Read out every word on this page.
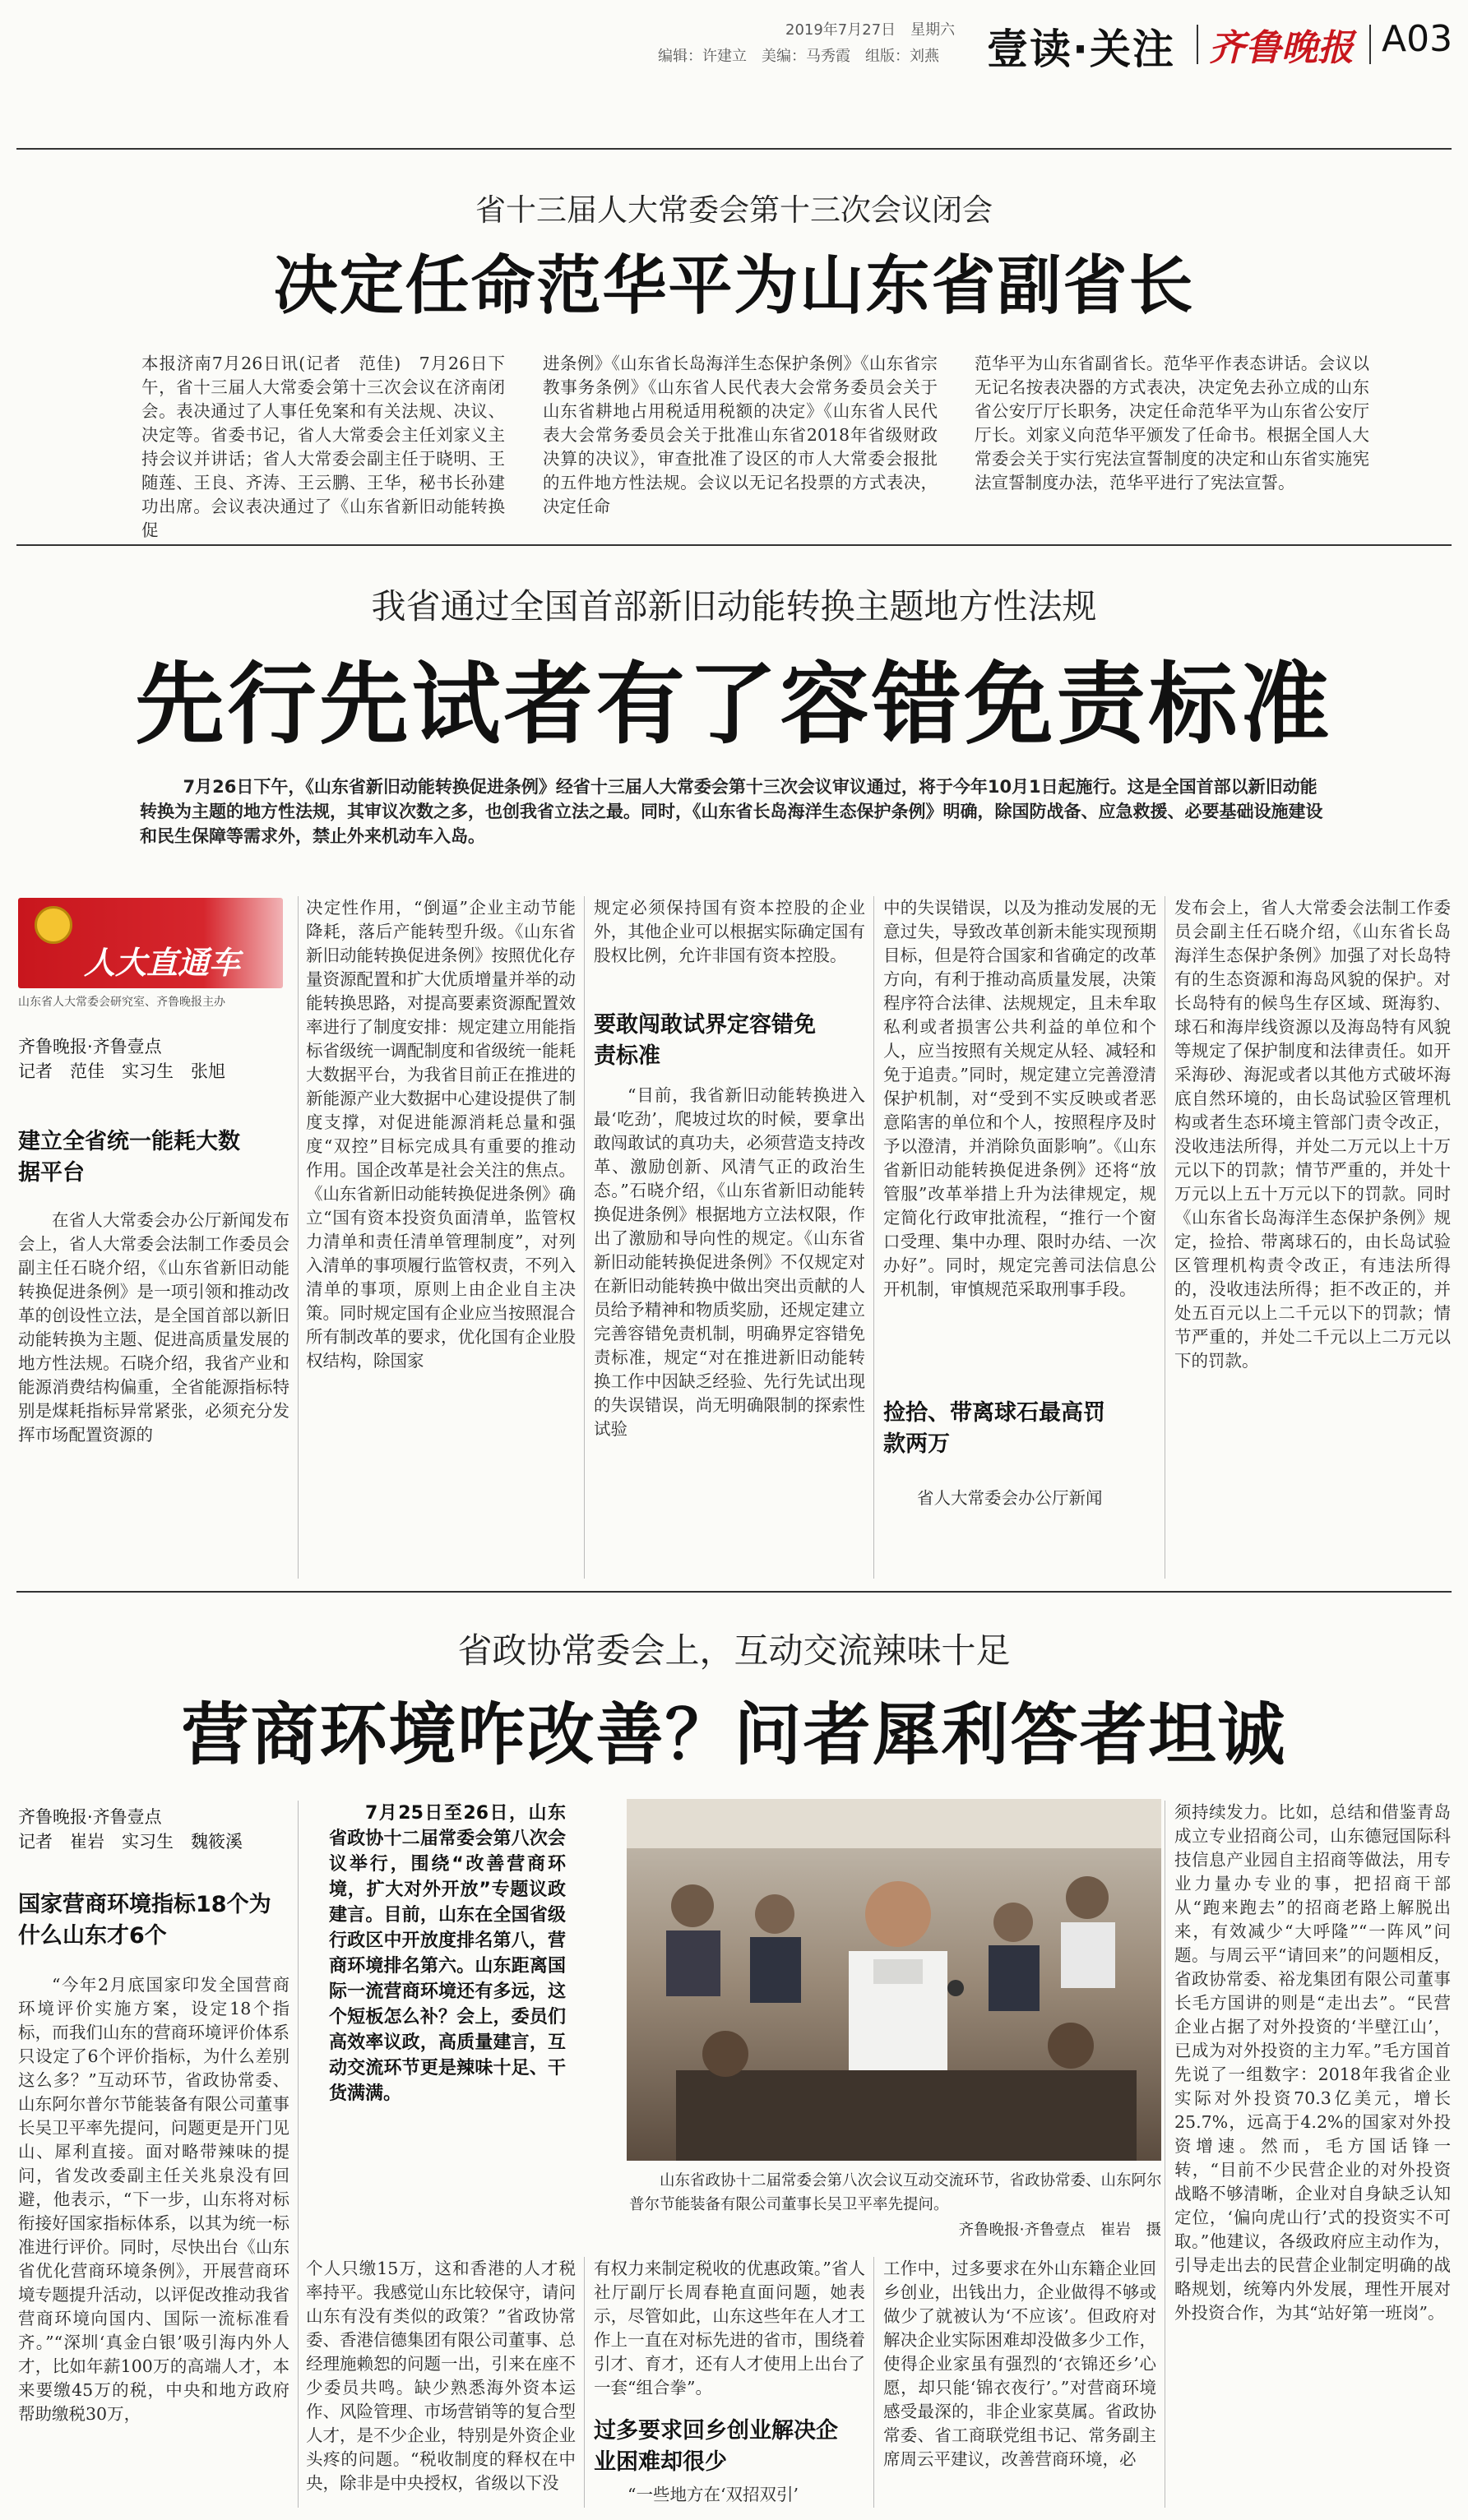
2019年7月27日　星期六
编辑：许建立　美编：马秀霞　组版：刘燕 壹读·关注 齐鲁晚报 A03
省十三届人大常委会第十三次会议闭会
决定任命范华平为山东省副省长
本报济南7月26日讯(记者　范佳)　7月26日下午，省十三届人大常委会第十三次会议在济南闭会。表决通过了人事任免案和有关法规、决议、决定等。省委书记，省人大常委会主任刘家义主持会议并讲话；省人大常委会副主任于晓明、王随莲、王良、齐涛、王云鹏、王华，秘书长孙建功出席。会议表决通过了《山东省新旧动能转换促
进条例》《山东省长岛海洋生态保护条例》《山东省宗教事务条例》《山东省人民代表大会常务委员会关于山东省耕地占用税适用税额的决定》《山东省人民代表大会常务委员会关于批准山东省2018年省级财政决算的决议》，审查批准了设区的市人大常委会报批的五件地方性法规。会议以无记名投票的方式表决，决定任命
范华平为山东省副省长。范华平作表态讲话。会议以无记名按表决器的方式表决，决定免去孙立成的山东省公安厅厅长职务，决定任命范华平为山东省公安厅厅长。刘家义向范华平颁发了任命书。根据全国人大常委会关于实行宪法宣誓制度的决定和山东省实施宪法宣誓制度办法，范华平进行了宪法宣誓。
我省通过全国首部新旧动能转换主题地方性法规
先行先试者有了容错免责标准
7月26日下午，《山东省新旧动能转换促进条例》经省十三届人大常委会第十三次会议审议通过，将于今年10月1日起施行。这是全国首部以新旧动能转换为主题的地方性法规，其审议次数之多，也创我省立法之最。同时，《山东省长岛海洋生态保护条例》明确，除国防战备、应急救援、必要基础设施建设和民生保障等需求外，禁止外来机动车入岛。
人大直通车
山东省人大常委会研究室、齐鲁晚报主办
齐鲁晚报·齐鲁壹点
记者　范佳　实习生　张旭
建立全省统一能耗大数据平台
在省人大常委会办公厅新闻发布会上，省人大常委会法制工作委员会副主任石晓介绍，《山东省新旧动能转换促进条例》是一项引领和推动改革的创设性立法，是全国首部以新旧动能转换为主题、促进高质量发展的地方性法规。石晓介绍，我省产业和能源消费结构偏重，全省能源指标特别是煤耗指标异常紧张，必须充分发挥市场配置资源的
决定性作用，“倒逼”企业主动节能降耗，落后产能转型升级。《山东省新旧动能转换促进条例》按照优化存量资源配置和扩大优质增量并举的动能转换思路，对提高要素资源配置效率进行了制度安排：规定建立用能指标省级统一调配制度和省级统一能耗大数据平台，为我省目前正在推进的新能源产业大数据中心建设提供了制度支撑，对促进能源消耗总量和强度“双控”目标完成具有重要的推动作用。国企改革是社会关注的焦点。《山东省新旧动能转换促进条例》确立“国有资本投资负面清单，监管权力清单和责任清单管理制度”，对列入清单的事项履行监管权责，不列入清单的事项，原则上由企业自主决策。同时规定国有企业应当按照混合所有制改革的要求，优化国有企业股权结构，除国家
规定必须保持国有资本控股的企业外，其他企业可以根据实际确定国有股权比例，允许非国有资本控股。
要敢闯敢试界定容错免责标准
“目前，我省新旧动能转换进入最‘吃劲’，爬坡过坎的时候，要拿出敢闯敢试的真功夫，必须营造支持改革、激励创新、风清气正的政治生态。”石晓介绍，《山东省新旧动能转换促进条例》根据地方立法权限，作出了激励和导向性的规定。《山东省新旧动能转换促进条例》不仅规定对在新旧动能转换中做出突出贡献的人员给予精神和物质奖励，还规定建立完善容错免责机制，明确界定容错免责标准，规定“对在推进新旧动能转换工作中因缺乏经验、先行先试出现的失误错误，尚无明确限制的探索性试验
中的失误错误，以及为推动发展的无意过失，导致改革创新未能实现预期目标，但是符合国家和省确定的改革方向，有利于推动高质量发展，决策程序符合法律、法规规定，且未牟取私利或者损害公共利益的单位和个人，应当按照有关规定从轻、减轻和免于追责。”同时，规定建立完善澄清保护机制，对“受到不实反映或者恶意陷害的单位和个人，按照程序及时予以澄清，并消除负面影响”。《山东省新旧动能转换促进条例》还将“放管服”改革举措上升为法律规定，规定简化行政审批流程，“推行一个窗口受理、集中办理、限时办结、一次办好”。同时，规定完善司法信息公开机制，审慎规范采取刑事手段。
捡拾、带离球石最高罚款两万
省人大常委会办公厅新闻
发布会上，省人大常委会法制工作委员会副主任石晓介绍，《山东省长岛海洋生态保护条例》加强了对长岛特有的生态资源和海岛风貌的保护。对长岛特有的候鸟生存区域、斑海豹、球石和海岸线资源以及海岛特有风貌等规定了保护制度和法律责任。如开采海砂、海泥或者以其他方式破坏海底自然环境的，由长岛试验区管理机构或者生态环境主管部门责令改正，没收违法所得，并处二万元以上十万元以下的罚款；情节严重的，并处十万元以上五十万元以下的罚款。同时《山东省长岛海洋生态保护条例》规定，捡拾、带离球石的，由长岛试验区管理机构责令改正，有违法所得的，没收违法所得；拒不改正的，并处五百元以上二千元以下的罚款；情节严重的，并处二千元以上二万元以下的罚款。
省政协常委会上，互动交流辣味十足
营商环境咋改善？问者犀利答者坦诚
齐鲁晚报·齐鲁壹点
记者　崔岩　实习生　魏筱溪
国家营商环境指标18个为什么山东才6个
“今年2月底国家印发全国营商环境评价实施方案，设定18个指标，而我们山东的营商环境评价体系只设定了6个评价指标，为什么差别这么多？”互动环节，省政协常委、山东阿尔普尔节能装备有限公司董事长吴卫平率先提问，问题更是开门见山、犀利直接。面对略带辣味的提问，省发改委副主任关兆泉没有回避，他表示，“下一步，山东将对标衔接好国家指标体系，以其为统一标准进行评价。同时，尽快出台《山东省优化营商环境条例》，开展营商环境专题提升活动，以评促改推动我省营商环境向国内、国际一流标准看齐。”“深圳‘真金白银’吸引海内外人才，比如年薪100万的高端人才，本来要缴45万的税，中央和地方政府帮助缴税30万，
7月25日至26日，山东省政协十二届常委会第八次会议举行，围绕“改善营商环境，扩大对外开放”专题议政建言。目前，山东在全国省级行政区中开放度排名第八，营商环境排名第六。山东距离国际一流营商环境还有多远，这个短板怎么补？会上，委员们高效率议政，高质量建言，互动交流环节更是辣味十足、干货满满。
山东省政协十二届常委会第八次会议互动交流环节，省政协常委、山东阿尔普尔节能装备有限公司董事长吴卫平率先提问。
齐鲁晚报·齐鲁壹点　崔岩　摄
个人只缴15万，这和香港的人才税率持平。我感觉山东比较保守，请问山东有没有类似的政策？”省政协常委、香港信德集团有限公司董事、总经理施赖恕的问题一出，引来在座不少委员共鸣。缺少熟悉海外资本运作、风险管理、市场营销等的复合型人才，是不少企业，特别是外资企业头疼的问题。“税收制度的释权在中央，除非是中央授权，省级以下没
有权力来制定税收的优惠政策。”省人社厅副厅长周春艳直面问题，她表示，尽管如此，山东这些年在人才工作上一直在对标先进的省市，围绕着引才、育才，还有人才使用上出台了一套“组合拳”。
过多要求回乡创业解决企业困难却很少
“一些地方在‘双招双引’
工作中，过多要求在外山东籍企业回乡创业，出钱出力，企业做得不够或做少了就被认为‘不应该’。但政府对解决企业实际困难却没做多少工作，使得企业家虽有强烈的‘衣锦还乡’心愿，却只能‘锦衣夜行’。”对营商环境感受最深的，非企业家莫属。省政协常委、省工商联党组书记、常务副主席周云平建议，改善营商环境，必
须持续发力。比如，总结和借鉴青岛成立专业招商公司，山东德冠国际科技信息产业园自主招商等做法，用专业力量办专业的事，把招商干部从“跑来跑去”的招商老路上解脱出来，有效减少“大呼隆”“一阵风”问题。与周云平“请回来”的问题相反，省政协常委、裕龙集团有限公司董事长毛方国讲的则是“走出去”。“民营企业占据了对外投资的‘半壁江山’，已成为对外投资的主力军。”毛方国首先说了一组数字：2018年我省企业实际对外投资70.3亿美元，增长25.7%，远高于4.2%的国家对外投资增速。然而，毛方国话锋一转，“目前不少民营企业的对外投资战略不够清晰，企业对自身缺乏认知定位，‘偏向虎山行’式的投资实不可取。”他建议，各级政府应主动作为，引导走出去的民营企业制定明确的战略规划，统筹内外发展，理性开展对外投资合作，为其“站好第一班岗”。
